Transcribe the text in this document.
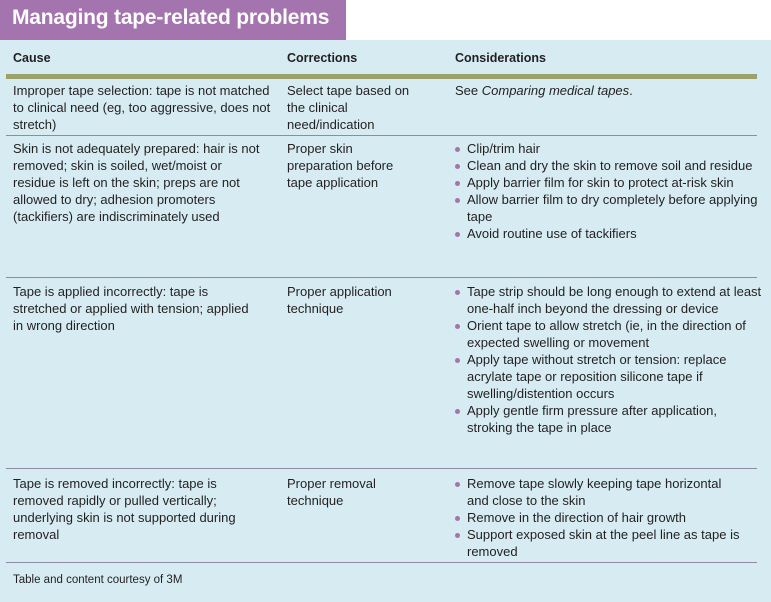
Managing tape-related problems
Cause	Corrections	Considerations
Improper tape selection: tape is not matched to clinical need (eg, too aggressive, does not stretch)
Select tape based on the clinical need/indication
See Comparing medical tapes.
Skin is not adequately prepared: hair is not removed; skin is soiled, wet/moist or residue is left on the skin; preps are not allowed to dry; adhesion promoters (tackifiers) are indiscriminately used
Proper skin preparation before tape application
Clip/trim hair
Clean and dry the skin to remove soil and residue
Apply barrier film for skin to protect at-risk skin
Allow barrier film to dry completely before applying tape
Avoid routine use of tackifiers
Tape is applied incorrectly: tape is stretched or applied with tension; applied in wrong direction
Proper application technique
Tape strip should be long enough to extend at least one-half inch beyond the dressing or device
Orient tape to allow stretch (ie, in the direction of expected swelling or movement
Apply tape without stretch or tension: replace acrylate tape or reposition silicone tape if swelling/distention occurs
Apply gentle firm pressure after application, stroking the tape in place
Tape is removed incorrectly: tape is removed rapidly or pulled vertically; underlying skin is not supported during removal
Proper removal technique
Remove tape slowly keeping tape horizontal and close to the skin
Remove in the direction of hair growth
Support exposed skin at the peel line as tape is removed
Table and content courtesy of 3M
